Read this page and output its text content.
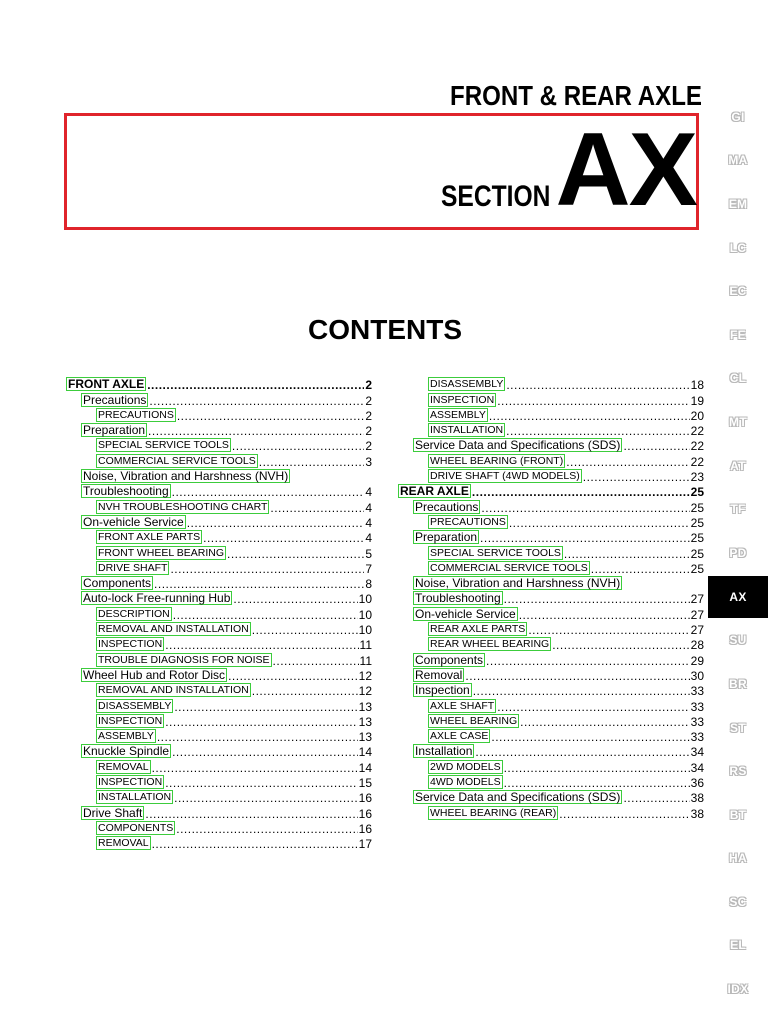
FRONT & REAR AXLE
SECTION AX
CONTENTS
FRONT AXLE .....	2
Precautions .....	2
PRECAUTIONS .....	2
Preparation .....	2
SPECIAL SERVICE TOOLS .....	2
COMMERCIAL SERVICE TOOLS .....	3
Noise, Vibration and Harshness (NVH)
Troubleshooting .....	4
NVH TROUBLESHOOTING CHART .....	4
On-vehicle Service .....	4
FRONT AXLE PARTS .....	4
FRONT WHEEL BEARING .....	5
DRIVE SHAFT .....	7
Components .....	8
Auto-lock Free-running Hub .....	10
DESCRIPTION .....	10
REMOVAL AND INSTALLATION .....	10
INSPECTION .....	11
TROUBLE DIAGNOSIS FOR NOISE .....	11
Wheel Hub and Rotor Disc .....	12
REMOVAL AND INSTALLATION .....	12
DISASSEMBLY .....	13
INSPECTION .....	13
ASSEMBLY .....	13
Knuckle Spindle .....	14
REMOVAL .....	14
INSPECTION .....	15
INSTALLATION .....	16
Drive Shaft .....	16
COMPONENTS .....	16
REMOVAL .....	17
DISASSEMBLY .....	18
INSPECTION .....	19
ASSEMBLY .....	20
INSTALLATION .....	22
Service Data and Specifications (SDS) .....	22
WHEEL BEARING (FRONT) .....	22
DRIVE SHAFT (4WD MODELS) .....	23
REAR AXLE .....	25
Precautions .....	25
PRECAUTIONS .....	25
Preparation .....	25
SPECIAL SERVICE TOOLS .....	25
COMMERCIAL SERVICE TOOLS .....	25
Noise, Vibration and Harshness (NVH)
Troubleshooting .....	27
On-vehicle Service .....	27
REAR AXLE PARTS .....	27
REAR WHEEL BEARING .....	28
Components .....	29
Removal .....	30
Inspection .....	33
AXLE SHAFT .....	33
WHEEL BEARING .....	33
AXLE CASE .....	33
Installation .....	34
2WD MODELS .....	34
4WD MODELS .....	36
Service Data and Specifications (SDS) .....	38
WHEEL BEARING (REAR) .....	38
GI
MA
EM
LC
EC
FE
CL
MT
AT
TF
PD
AX
SU
BR
ST
RS
BT
HA
SC
EL
IDX
